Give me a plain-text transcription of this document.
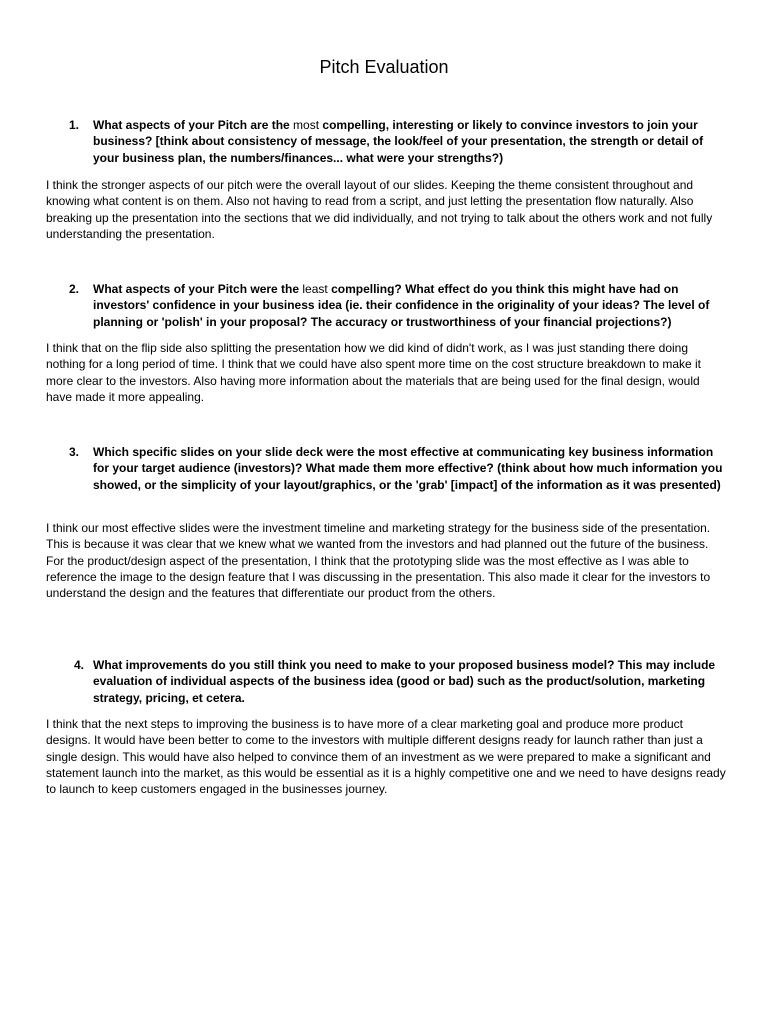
Pitch Evaluation
1.	What aspects of your Pitch are the most compelling, interesting or likely to convince investors to join your business? [think about consistency of message, the look/feel of your presentation, the strength or detail of your business plan, the numbers/finances... what were your strengths?)
I think the stronger aspects of our pitch were the overall layout of our slides. Keeping the theme consistent throughout and knowing what content is on them. Also not having to read from a script, and just letting the presentation flow naturally. Also breaking up the presentation into the sections that we did individually, and not trying to talk about the others work and not fully understanding the presentation.
2.	What aspects of your Pitch were the least compelling? What effect do you think this might have had on investors' confidence in your business idea (ie. their confidence in the originality of your ideas? The level of planning or 'polish' in your proposal? The accuracy or trustworthiness of your financial projections?)
I think that on the flip side also splitting the presentation how we did kind of didn't work, as I was just standing there doing nothing for a long period of time. I think that we could have also spent more time on the cost structure breakdown to make it more clear to the investors. Also having more information about the materials that are being used for the final design, would have made it more appealing.
3.	Which specific slides on your slide deck were the most effective at communicating key business information for your target audience (investors)? What made them more effective? (think about how much information you showed, or the simplicity of your layout/graphics, or the 'grab' [impact] of the information as it was presented)
I think our most effective slides were the investment timeline and marketing strategy for the business side of the presentation. This is because it was clear that we knew what we wanted from the investors and had planned out the future of the business. For the product/design aspect of the presentation, I think that the prototyping slide was the most effective as I was able to reference the image to the design feature that I was discussing in the presentation. This also made it clear for the investors to understand the design and the features that differentiate our product from the others.
4. What improvements do you still think you need to make to your proposed business model? This may include evaluation of individual aspects of the business idea (good or bad) such as the product/solution, marketing strategy, pricing, et cetera.
I think that the next steps to improving the business is to have more of a clear marketing goal and produce more product designs. It would have been better to come to the investors with multiple different designs ready for launch rather than just a single design. This would have also helped to convince them of an investment as we were prepared to make a significant and statement launch into the market, as this would be essential as it is a highly competitive one and we need to have designs ready to launch to keep customers engaged in the businesses journey.
